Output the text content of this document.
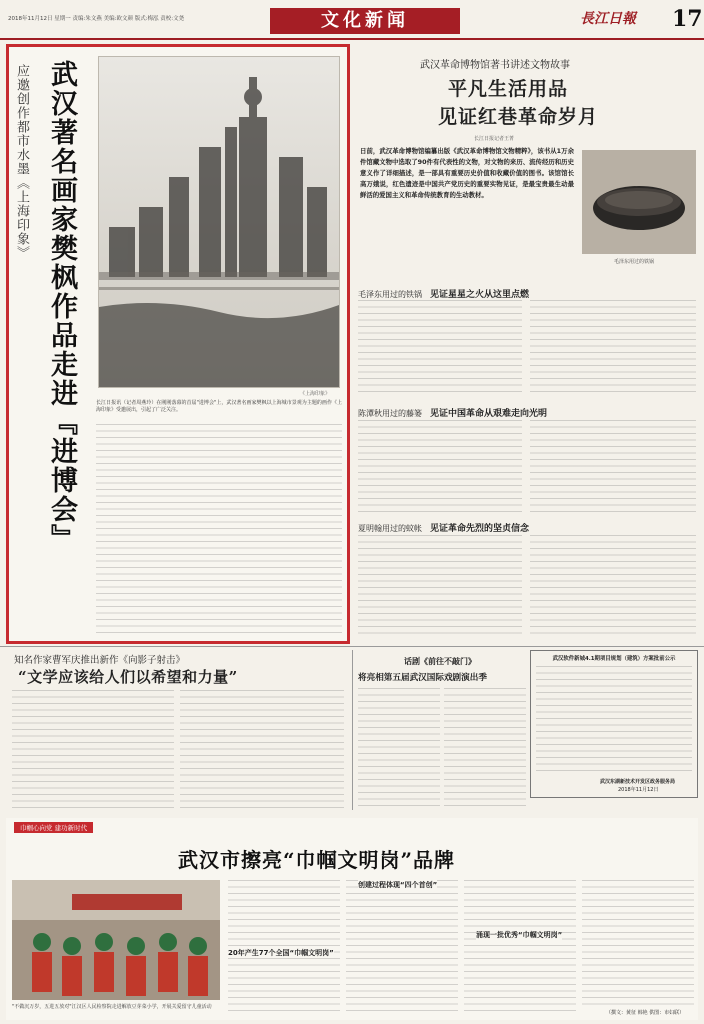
2018年11月12日 星期一 责编:朱文燕 美编:欧文颜 版式:梅泓 责校:文尧	文化新闻	長江日報 17
武汉著名画家樊枫作品走进『进博会』
应邀创作都市水墨《上海印象》
《上海印象》
长江日报讯（记者周燕玲）在刚刚落幕的首届"进博会"上，武汉著名画家樊枫以上海城市景观为主题的画作《上海印象》受邀展出，引起了广泛关注。
武汉革命博物馆著书讲述文物故事
平凡生活用品
见证红巷革命岁月
长江日报记者王菁
日前，武汉革命博物馆编纂出版《武汉革命博物馆文物精粹》，该书从1万余件馆藏文物中选取了90件有代表性的文物，对文物的来历、流传经历和历史意义作了详细描述，是一部具有重要历史价值和收藏价值的图书。该馆馆长高万娥说，红色遗迹是中国共产党历史的重要实物见证，是最宝贵最生动最鲜活的爱国主义和革命传统教育的生动教材。
毛泽东用过的铁锅
毛泽东用过的铁锅 见证星星之火从这里点燃
陈潭秋用过的藤篓 见证中国革命从艰难走向光明
夏明翰用过的蚊帐 见证革命先烈的坚贞信念
知名作家曹军庆推出新作《向影子射击》
“文学应该给人们以希望和力量”
话剧《前往不敲门》
将亮相第五届武汉国际戏剧演出季
武汉软件新城4.1期项目规划（建筑）方案批前公示
武汉东湖新技术开发区政务服务局
2018年11月12日
巾帼心向党 建功新时代
武汉市擦亮“巾帼文明岗”品牌
"不做沉万岁，五进五放对"江汉区人民检察院走进解放豆芽菜小学，开展关爱留守儿童活动
20年产生77个全国“巾帼文明岗”
创建过程体现“四个首创”
涌现一批优秀“巾帼文明岗”
（撰文：黄征 韩艳 供图：市妇联）
